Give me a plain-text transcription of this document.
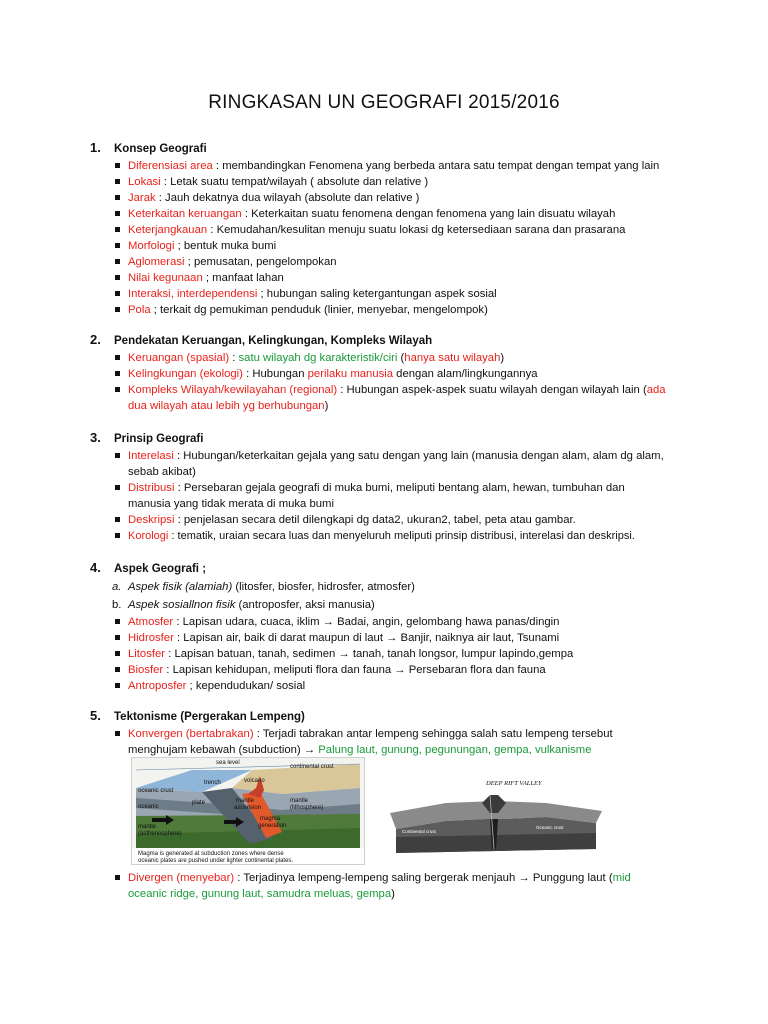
RINGKASAN UN GEOGRAFI 2015/2016
1.	Konsep Geografi
Diferensiasi area : membandingkan Fenomena yang berbeda antara satu tempat dengan tempat yang lain
Lokasi : Letak suatu tempat/wilayah ( absolute dan relative )
Jarak : Jauh dekatnya dua wilayah (absolute dan relative )
Keterkaitan keruangan : Keterkaitan suatu fenomena dengan fenomena yang lain disuatu wilayah
Keterjangkauan : Kemudahan/kesulitan menuju suatu lokasi dg ketersediaan sarana dan prasarana
Morfologi ; bentuk muka bumi
Aglomerasi ; pemusatan, pengelompokan
Nilai kegunaan ; manfaat lahan
Interaksi, interdependensi ; hubungan saling ketergantungan aspek sosial
Pola ; terkait dg pemukiman penduduk (linier, menyebar, mengelompok)
2.	Pendekatan Keruangan, Kelingkungan, Kompleks Wilayah
Keruangan (spasial) : satu wilayah dg karakteristik/ciri (hanya satu wilayah)
Kelingkungan (ekologi) : Hubungan perilaku manusia dengan alam/lingkungannya
Kompleks Wilayah/kewilayahan (regional) : Hubungan aspek-aspek suatu wilayah dengan wilayah lain (ada
dua wilayah atau lebih yg berhubungan)
3.	Prinsip Geografi
Interelasi : Hubungan/keterkaitan gejala yang satu dengan yang lain (manusia dengan alam, alam dg alam,
sebab akibat)
Distribusi : Persebaran gejala geografi di muka bumi, meliputi bentang alam, hewan, tumbuhan dan
manusia yang tidak merata di muka bumi
Deskripsi : penjelasan secara detil dilengkapi dg data2, ukuran2, tabel, peta atau gambar.
Korologi : tematik, uraian secara luas dan menyeluruh meliputi prinsip distribusi, interelasi dan deskripsi.
4.	Aspek Geografi ;
a. Aspek fisik (alamiah) (litosfer, biosfer, hidrosfer, atmosfer)
b. Aspek sosiallnon fisik (antroposfer, aksi manusia)
Atmosfer : Lapisan udara, cuaca, iklim → Badai, angin, gelombang hawa panas/dingin
Hidrosfer : Lapisan air, baik di darat maupun di laut → Banjir, naiknya air laut, Tsunami
Litosfer : Lapisan batuan, tanah, sedimen → tanah, tanah longsor, lumpur lapindo,gempa
Biosfer : Lapisan kehidupan, meliputi flora dan fauna → Persebaran flora dan fauna
Antroposfer ; kependudukan/ sosial
5.	Tektonisme (Pergerakan Lempeng)
Konvergen (bertabrakan) : Terjadi tabrakan antar lempeng sehingga salah satu lempeng tersebut
menghujam kebawah (subduction) → Palung laut, gunung, pegunungan, gempa, vulkanisme
sea level
continental crust
trench	volcano
oceanic crust
oceanic
plate	mantle
(lithosphere)
mantle
ascension
mantle
(asthenosphere)
magma
generation
Magma is generated at subduction zones where dense
oceanic plates are pushed under lighter continental plates.
DEEP RIFT VALLEY
Continental crust
Oceanic crust
Divergen (menyebar) : Terjadinya lempeng-lempeng saling bergerak menjauh → Punggung laut (mid
oceanic ridge, gunung laut, samudra meluas, gempa)
